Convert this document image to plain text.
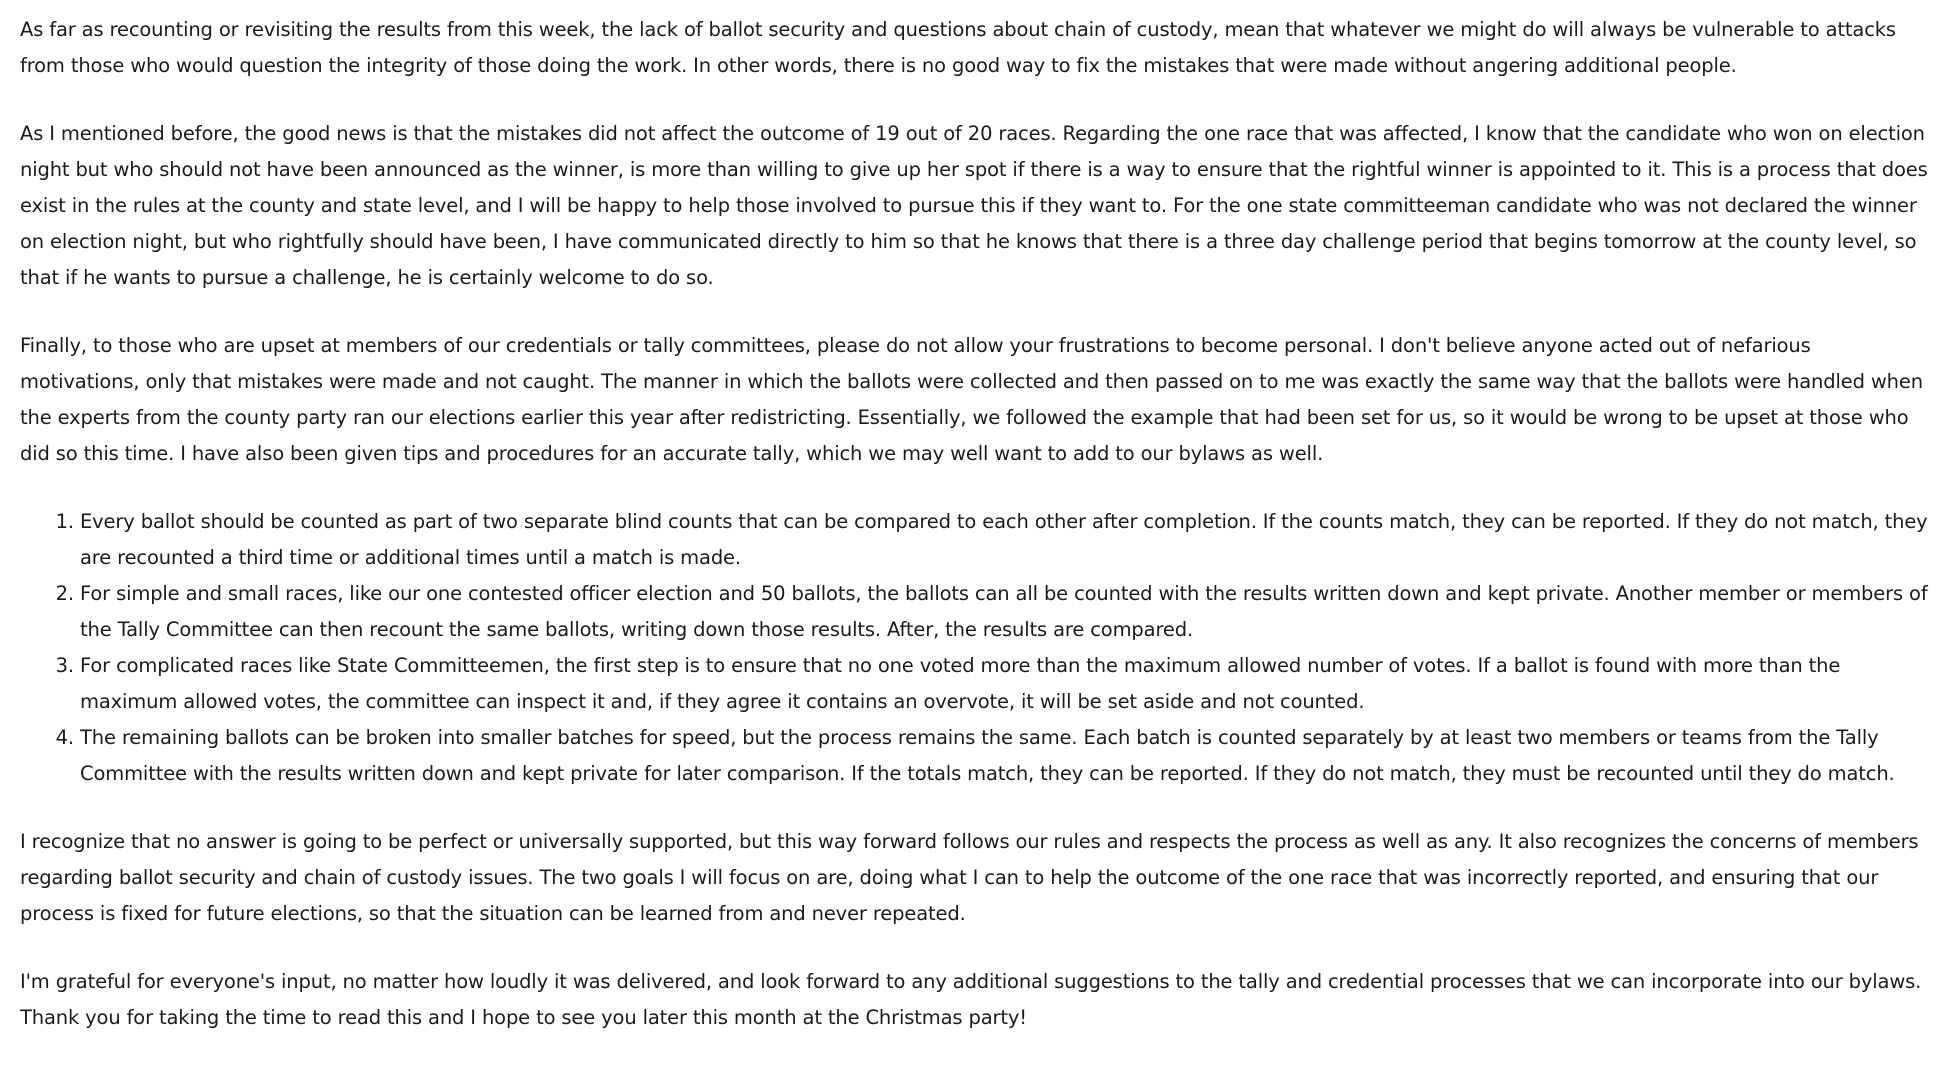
As far as recounting or revisiting the results from this week, the lack of ballot security and questions about chain of custody, mean that whatever we might do will always be vulnerable to attacks from those who would question the integrity of those doing the work. In other words, there is no good way to fix the mistakes that were made without angering additional people.

As I mentioned before, the good news is that the mistakes did not affect the outcome of 19 out of 20 races. Regarding the one race that was affected, I know that the candidate who won on election night but who should not have been announced as the winner, is more than willing to give up her spot if there is a way to ensure that the rightful winner is appointed to it. This is a process that does exist in the rules at the county and state level, and I will be happy to help those involved to pursue this if they want to. For the one state committeeman candidate who was not declared the winner on election night, but who rightfully should have been, I have communicated directly to him so that he knows that there is a three day challenge period that begins tomorrow at the county level, so that if he wants to pursue a challenge, he is certainly welcome to do so.

Finally, to those who are upset at members of our credentials or tally committees, please do not allow your frustrations to become personal. I don't believe anyone acted out of nefarious motivations, only that mistakes were made and not caught. The manner in which the ballots were collected and then passed on to me was exactly the same way that the ballots were handled when the experts from the county party ran our elections earlier this year after redistricting. Essentially, we followed the example that had been set for us, so it would be wrong to be upset at those who did so this time. I have also been given tips and procedures for an accurate tally, which we may well want to add to our bylaws as well.

1. Every ballot should be counted as part of two separate blind counts that can be compared to each other after completion. If the counts match, they can be reported. If they do not match, they are recounted a third time or additional times until a match is made.
2. For simple and small races, like our one contested officer election and 50 ballots, the ballots can all be counted with the results written down and kept private. Another member or members of the Tally Committee can then recount the same ballots, writing down those results. After, the results are compared.
3. For complicated races like State Committeemen, the first step is to ensure that no one voted more than the maximum allowed number of votes. If a ballot is found with more than the maximum allowed votes, the committee can inspect it and, if they agree it contains an overvote, it will be set aside and not counted.
4. The remaining ballots can be broken into smaller batches for speed, but the process remains the same. Each batch is counted separately by at least two members or teams from the Tally Committee with the results written down and kept private for later comparison. If the totals match, they can be reported. If they do not match, they must be recounted until they do match.

I recognize that no answer is going to be perfect or universally supported, but this way forward follows our rules and respects the process as well as any. It also recognizes the concerns of members regarding ballot security and chain of custody issues. The two goals I will focus on are, doing what I can to help the outcome of the one race that was incorrectly reported, and ensuring that our process is fixed for future elections, so that the situation can be learned from and never repeated.

I'm grateful for everyone's input, no matter how loudly it was delivered, and look forward to any additional suggestions to the tally and credential processes that we can incorporate into our bylaws. Thank you for taking the time to read this and I hope to see you later this month at the Christmas party!
